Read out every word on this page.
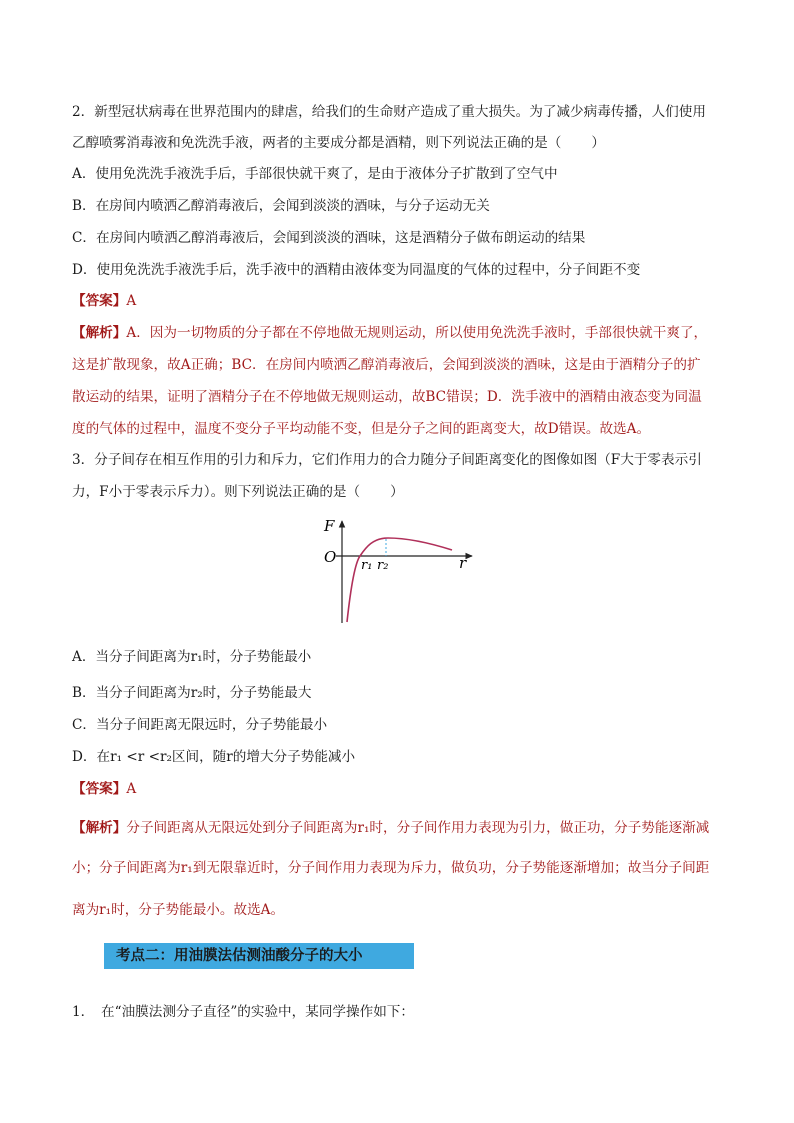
2．新型冠状病毒在世界范围内的肆虐，给我们的生命财产造成了重大损失。为了减少病毒传播，人们使用
乙醇喷雾消毒液和免洗洗手液，两者的主要成分都是酒精，则下列说法正确的是（ ）
A．使用免洗洗手液洗手后，手部很快就干爽了，是由于液体分子扩散到了空气中
B．在房间内喷洒乙醇消毒液后，会闻到淡淡的酒味，与分子运动无关
C．在房间内喷洒乙醇消毒液后，会闻到淡淡的酒味，这是酒精分子做布朗运动的结果
D．使用免洗洗手液洗手后，洗手液中的酒精由液体变为同温度的气体的过程中，分子间距不变
【答案】A
【解析】A．因为一切物质的分子都在不停地做无规则运动，所以使用免洗洗手液时，手部很快就干爽了，
这是扩散现象，故A正确；BC．在房间内喷洒乙醇消毒液后，会闻到淡淡的酒味，这是由于酒精分子的扩
散运动的结果，证明了酒精分子在不停地做无规则运动，故BC错误；D．洗手液中的酒精由液态变为同温
度的气体的过程中，温度不变分子平均动能不变，但是分子之间的距离变大，故D错误。故选A。
3．分子间存在相互作用的引力和斥力，它们作用力的合力随分子间距离变化的图像如图（F大于零表示引
力，F小于零表示斥力）。则下列说法正确的是（ ）
F
O	r
r₁ r₂
A．当分子间距离为r₁时，分子势能最小
B．当分子间距离为r₂时，分子势能最大
C．当分子间距离无限远时，分子势能最小
D．在r₁ <r <r₂区间，随r的增大分子势能减小
【答案】A
【解析】分子间距离从无限远处到分子间距离为r₁时，分子间作用力表现为引力，做正功，分子势能逐渐减
小；分子间距离为r₁到无限靠近时，分子间作用力表现为斥力，做负功，分子势能逐渐增加；故当分子间距
离为r₁时，分子势能最小。故选A。
考点二：用油膜法估测油酸分子的大小
1．　在“油膜法测分子直径”的实验中，某同学操作如下：
